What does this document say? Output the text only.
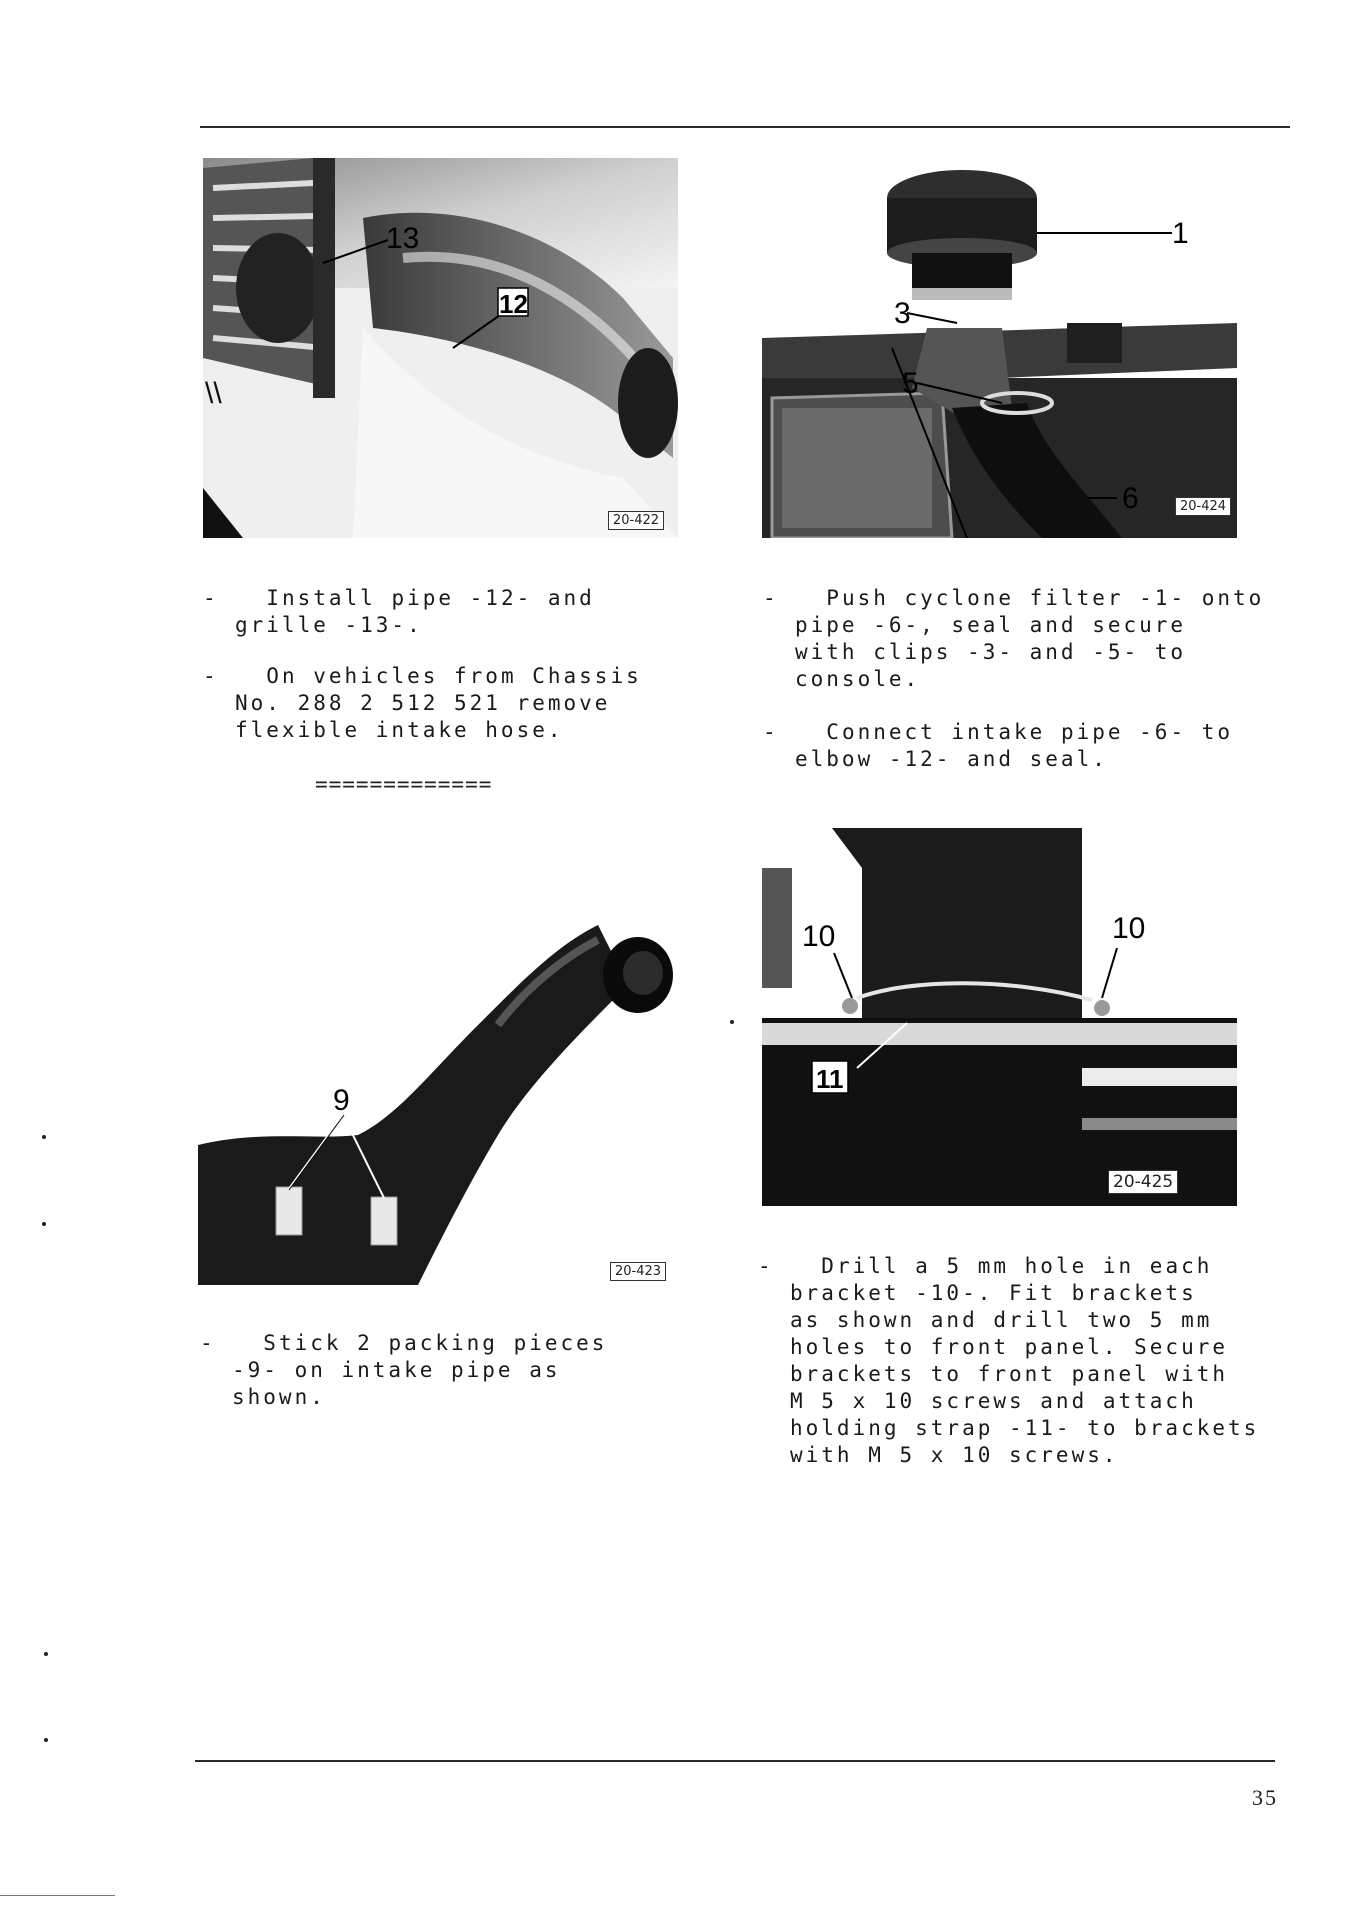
\\
13
12
20-422
1
3
5
6	20-424

- Install pipe -12- and
grille -13-.

- On vehicles from Chassis
No. 288 2 512 521 remove
flexible intake hose.

- Push cyclone filter -1- onto
pipe -6-, seal and secure
with clips -3- and -5- to
console.

- Connect intake pipe -6- to
elbow -12- and seal.

=============
9
20-423
10	10
11
20-425

- Stick 2 packing pieces
-9- on intake pipe as
shown.

- Drill a 5 mm hole in each
bracket -10-. Fit brackets
as shown and drill two 5 mm
holes to front panel. Secure
brackets to front panel with
M 5 x 10 screws and attach
holding strap -11- to brackets
with M 5 x 10 screws.

35
